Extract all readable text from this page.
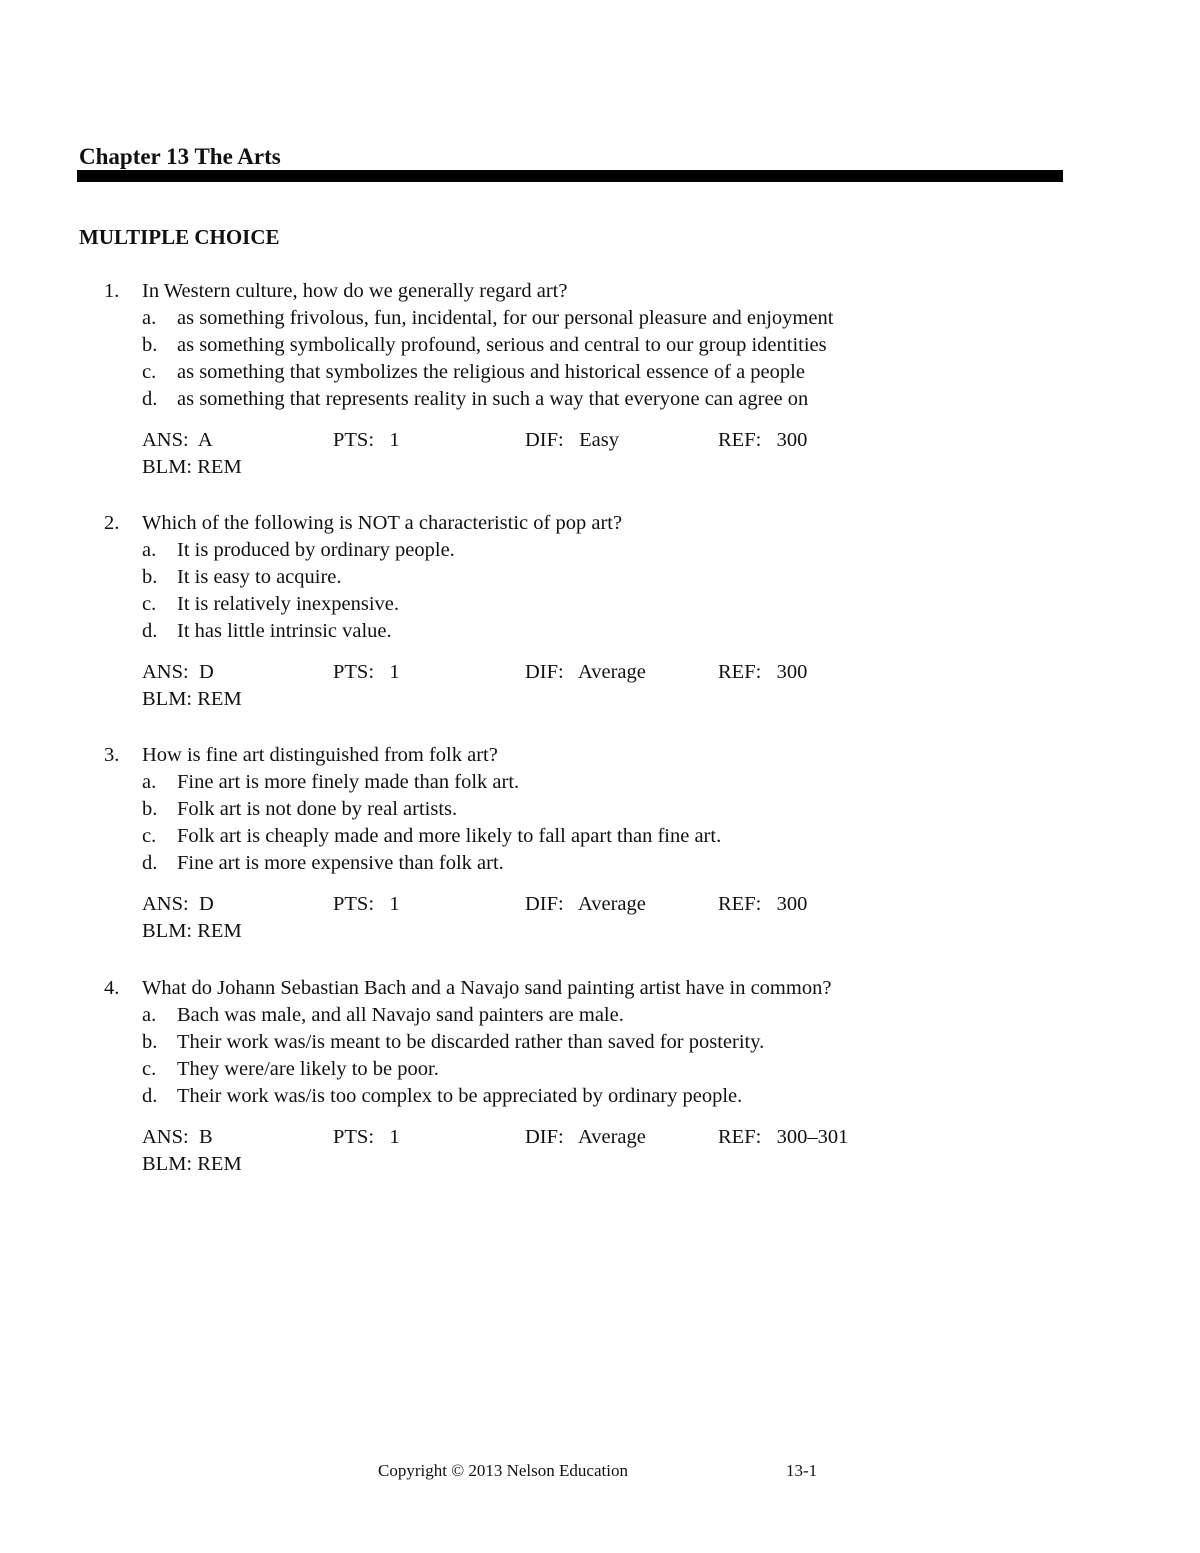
Chapter 13 The Arts
MULTIPLE CHOICE
1. In Western culture, how do we generally regard art?
a. as something frivolous, fun, incidental, for our personal pleasure and enjoyment
b. as something symbolically profound, serious and central to our group identities
c. as something that symbolizes the religious and historical essence of a people
d. as something that represents reality in such a way that everyone can agree on
ANS:  A	PTS:   1	DIF:   Easy	REF:   300
BLM: REM
2. Which of the following is NOT a characteristic of pop art?
a. It is produced by ordinary people.
b. It is easy to acquire.
c. It is relatively inexpensive.
d. It has little intrinsic value.
ANS:  D	PTS:   1	DIF:   Average	REF:   300
BLM: REM
3. How is fine art distinguished from folk art?
a. Fine art is more finely made than folk art.
b. Folk art is not done by real artists.
c. Folk art is cheaply made and more likely to fall apart than fine art.
d. Fine art is more expensive than folk art.
ANS:  D	PTS:   1	DIF:   Average	REF:   300
BLM: REM
4. What do Johann Sebastian Bach and a Navajo sand painting artist have in common?
a. Bach was male, and all Navajo sand painters are male.
b. Their work was/is meant to be discarded rather than saved for posterity.
c. They were/are likely to be poor.
d. Their work was/is too complex to be appreciated by ordinary people.
ANS:  B	PTS:   1	DIF:   Average	REF:   300–301
BLM: REM
Copyright © 2013 Nelson Education	13-1
